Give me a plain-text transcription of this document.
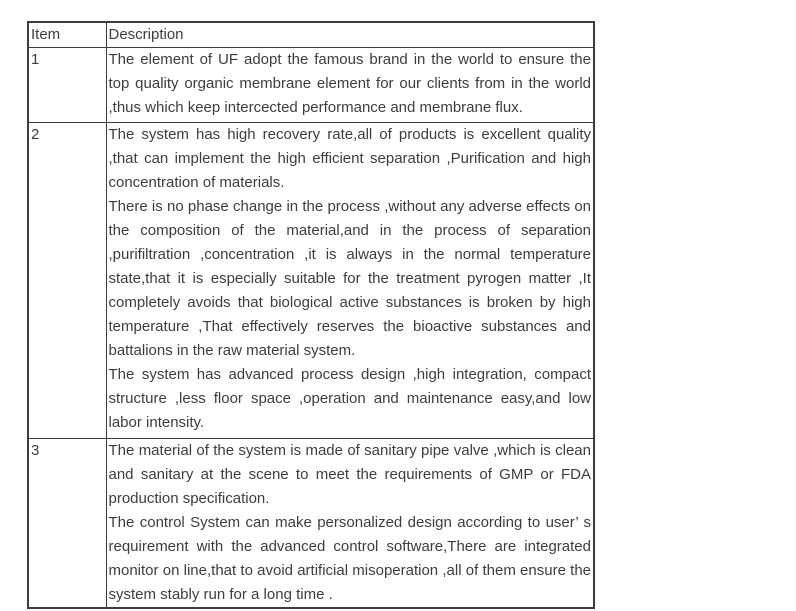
Item	Description
1	The element of UF adopt the famous brand in the world to ensure the top quality organic membrane element for our clients from in the world ,thus which keep intercected performance and membrane flux.

2	The system has high recovery rate,all of products is excellent quality ,that can implement the high efficient separation ,Purification and high concentration of materials.

There is no phase change in the process ,without any adverse effects on the composition of the material,and in the process of separation ,purifiltration ,concentration ,it is always in the normal temperature state,that it is especially suitable for the treatment pyrogen matter ,It completely avoids that biological active substances is broken by high temperature ,That effectively reserves the bioactive substances and battalions in the raw material system.

The system has advanced process design ,high integration, compact structure ,less floor space ,operation and maintenance easy,and low labor intensity.

3	The material of the system is made of sanitary pipe valve ,which is clean and sanitary at the scene to meet the requirements of GMP or FDA production specification.

The control System can make personalized design according to user’ s requirement with the advanced control software,There are integrated monitor on line,that to avoid artificial misoperation ,all of them ensure the system stably run for a long time .
